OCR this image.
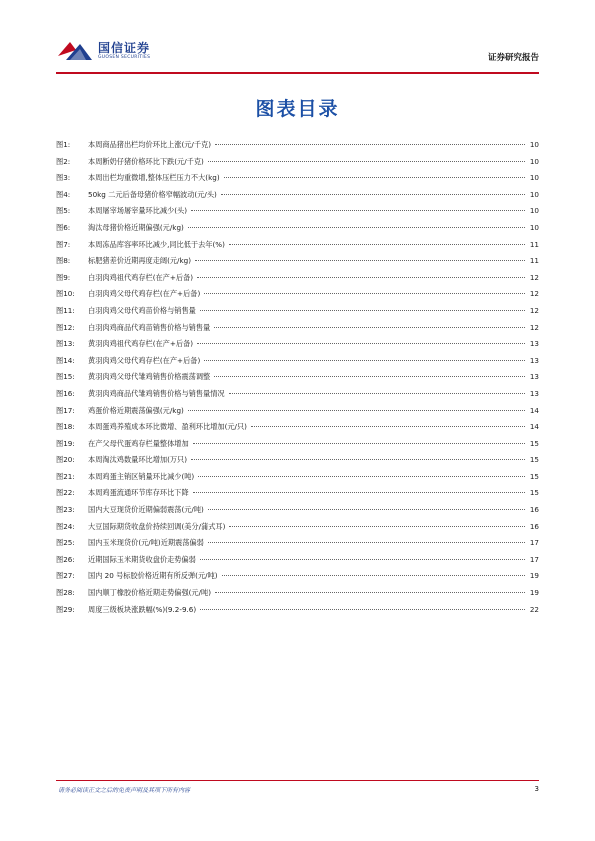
国信证券
GUOSEN SECURITIES	证券研究报告
图表目录
图1:	本周商品猪出栏均价环比上涨(元/千克)	10
图2:	本周断奶仔猪价格环比下跌(元/千克)	10
图3:	本周出栏均重微增,整体压栏压力不大(kg)	10
图4:	50kg 二元后备母猪价格窄幅波动(元/头)	10
图5:	本周屠宰场屠宰量环比减少(头)	10
图6:	淘汰母猪价格近期偏强(元/kg)	10
图7:	本周冻品库容率环比减少,同比低于去年(%)	11
图8:	标肥猪差价近期再度走阔(元/kg)	11
图9:	白羽肉鸡祖代鸡存栏(在产+后备)	12
图10:	白羽肉鸡父母代鸡存栏(在产+后备)	12
图11:	白羽肉鸡父母代鸡苗价格与销售量	12
图12:	白羽肉鸡商品代鸡苗销售价格与销售量	12
图13:	黄羽肉鸡祖代鸡存栏(在产+后备)	13
图14:	黄羽肉鸡父母代鸡存栏(在产+后备)	13
图15:	黄羽肉鸡父母代雏鸡销售价格震荡调整	13
图16:	黄羽肉鸡商品代雏鸡销售价格与销售量情况	13
图17:	鸡蛋价格近期震荡偏强(元/kg)	14
图18:	本周蛋鸡养殖成本环比微增、盈利环比增加(元/只)	14
图19:	在产父母代蛋鸡存栏量整体增加	15
图20:	本周淘汰鸡数量环比增加(万只)	15
图21:	本周鸡蛋主销区销量环比减少(吨)	15
图22:	本周鸡蛋流通环节库存环比下降	15
图23:	国内大豆现货价近期偏弱震荡(元/吨)	16
图24:	大豆国际期货收盘价持续回调(美分/蒲式耳)	16
图25:	国内玉米现货价(元/吨)近期震荡偏弱	17
图26:	近期国际玉米期货收盘价走势偏弱	17
图27:	国内 20 号标胶价格近期有所反弹(元/吨)	19
图28:	国内顺丁橡胶价格近期走势偏强(元/吨)	19
图29:	周度三级板块涨跌幅(%)(9.2-9.6)	22
请务必阅读正文之后的免责声明及其项下所有内容	3
